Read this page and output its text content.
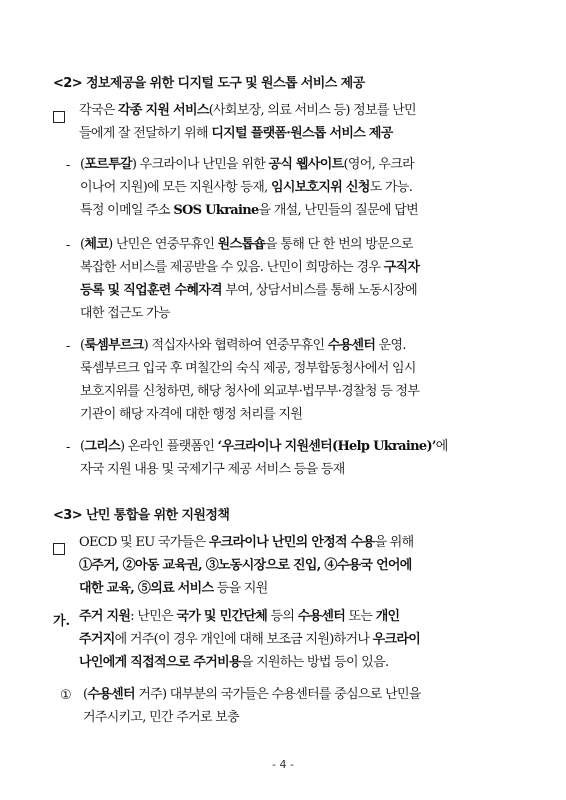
<2> 정보제공을 위한 디지털 도구 및 원스톱 서비스 제공
각국은 각종 지원 서비스(사회보장, 의료 서비스 등) 정보를 난민
들에게 잘 전달하기 위해 디지털 플랫폼·원스톱 서비스 제공
- (포르투갈) 우크라이나 난민을 위한 공식 웹사이트(영어, 우크라
이나어 지원)에 모든 지원사항 등재, 임시보호지위 신청도 가능.
특정 이메일 주소 SOS Ukraine을 개설, 난민들의 질문에 답변
- (체코) 난민은 연중무휴인 원스톱숍을 통해 단 한 번의 방문으로
복잡한 서비스를 제공받을 수 있음. 난민이 희망하는 경우 구직자
등록 및 직업훈련 수혜자격 부여, 상담서비스를 통해 노동시장에
대한 접근도 가능
- (룩셈부르크) 적십자사와 협력하여 연중무휴인 수용센터 운영.
룩셈부르크 입국 후 며칠간의 숙식 제공, 정부합동청사에서 임시
보호지위를 신청하면, 해당 청사에 외교부·법무부·경찰청 등 정부
기관이 해당 자격에 대한 행정 처리를 지원
- (그리스) 온라인 플랫폼인 ‘우크라이나 지원센터(Help Ukraine)’에
자국 지원 내용 및 국제기구 제공 서비스 등을 등재
<3> 난민 통합을 위한 지원정책
OECD 및 EU 국가들은 우크라이나 난민의 안정적 수용을 위해
①주거, ②아동 교육권, ③노동시장으로 진입, ④수용국 언어에
대한 교육, ⑤의료 서비스 등을 지원
가. 주거 지원: 난민은 국가 및 민간단체 등의 수용센터 또는 개인
주거지에 거주(이 경우 개인에 대해 보조금 지원)하거나 우크라이
나인에게 직접적으로 주거비용을 지원하는 방법 등이 있음.
① (수용센터 거주) 대부분의 국가들은 수용센터를 중심으로 난민을
거주시키고, 민간 주거로 보충
- 4 -
